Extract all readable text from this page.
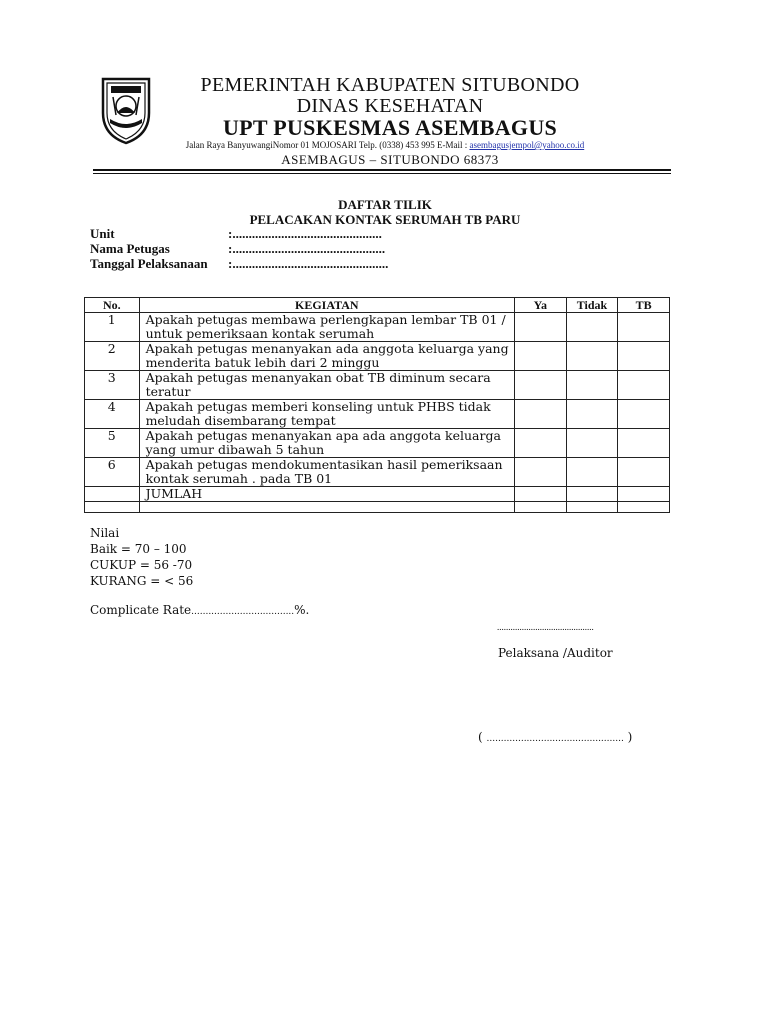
PEMERINTAH KABUPATEN SITUBONDO
DINAS KESEHATAN
UPT PUSKESMAS ASEMBAGUS
Jalan Raya BanyuwangiNomor 01 MOJOSARI Telp. (0338) 453 995 E-Mail : asembagusjempol@yahoo.co.id
ASEMBAGUS – SITUBONDO 68373
DAFTAR TILIK
PELACAKAN KONTAK SERUMAH TB PARU
Unit	:..............................................
Nama Petugas	:...............................................
Tanggal Pelaksanaan :................................................
No.	KEGIATAN	Ya	Tidak	TB
1	Apakah petugas membawa perlengkapan lembar TB 01 /
untuk pemeriksaan kontak serumah			

2	Apakah petugas menanyakan ada anggota keluarga yang
menderita batuk lebih dari 2 minggu			

3	Apakah petugas menanyakan obat TB diminum secara
teratur			

4	Apakah petugas memberi konseling untuk PHBS tidak
meludah disembarang tempat			

5	Apakah petugas menanyakan apa ada anggota keluarga
yang umur dibawah 5 tahun			

6	Apakah petugas mendokumentasikan hasil pemeriksaan
kontak serumah . pada TB 01			

	JUMLAH			

Nilai
Baik = 70 – 100
CUKUP = 56 -70
KURANG = < 56
Complicate Rate....................................%.
...........................................
Pelaksana /Auditor
( ................................................ )
